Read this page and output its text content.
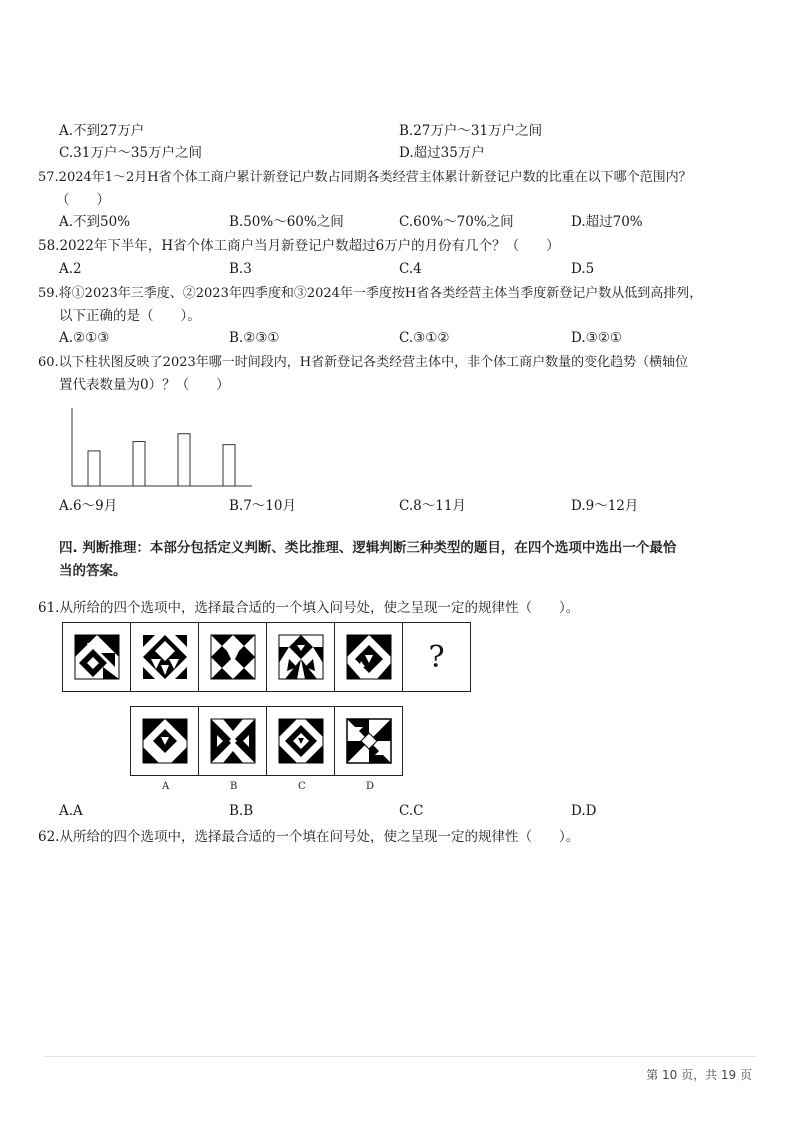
A.不到27万户	B.27万户～31万户之间
C.31万户～35万户之间	D.超过35万户
57.2024年1～2月H省个体工商户累计新登记户数占同期各类经营主体累计新登记户数的比重在以下哪个范围内？
（　　）
A.不到50%	B.50%～60%之间	C.60%～70%之间	D.超过70%
58.2022年下半年，H省个体工商户当月新登记户数超过6万户的月份有几个？（　　）
A.2	B.3	C.4	D.5
59.将①2023年三季度、②2023年四季度和③2024年一季度按H省各类经营主体当季度新登记户数从低到高排列，
以下正确的是（　　）。
A.②①③	B.②③①	C.③①②	D.③②①
60.以下柱状图反映了2023年哪一时间段内，H省新登记各类经营主体中，非个体工商户数量的变化趋势（横轴位
置代表数量为0）？（　　）
A.6～9月	B.7～10月	C.8～11月	D.9～12月
四. 判断推理：本部分包括定义判断、类比推理、逻辑判断三种类型的题目，在四个选项中选出一个最恰
当的答案。
61.从所给的四个选项中，选择最合适的一个填入问号处，使之呈现一定的规律性（　　）。
?
A	B	C	D
A.A	B.B	C.C	D.D
62.从所给的四个选项中，选择最合适的一个填在问号处，使之呈现一定的规律性（　　）。
第 10 页，共 19 页
